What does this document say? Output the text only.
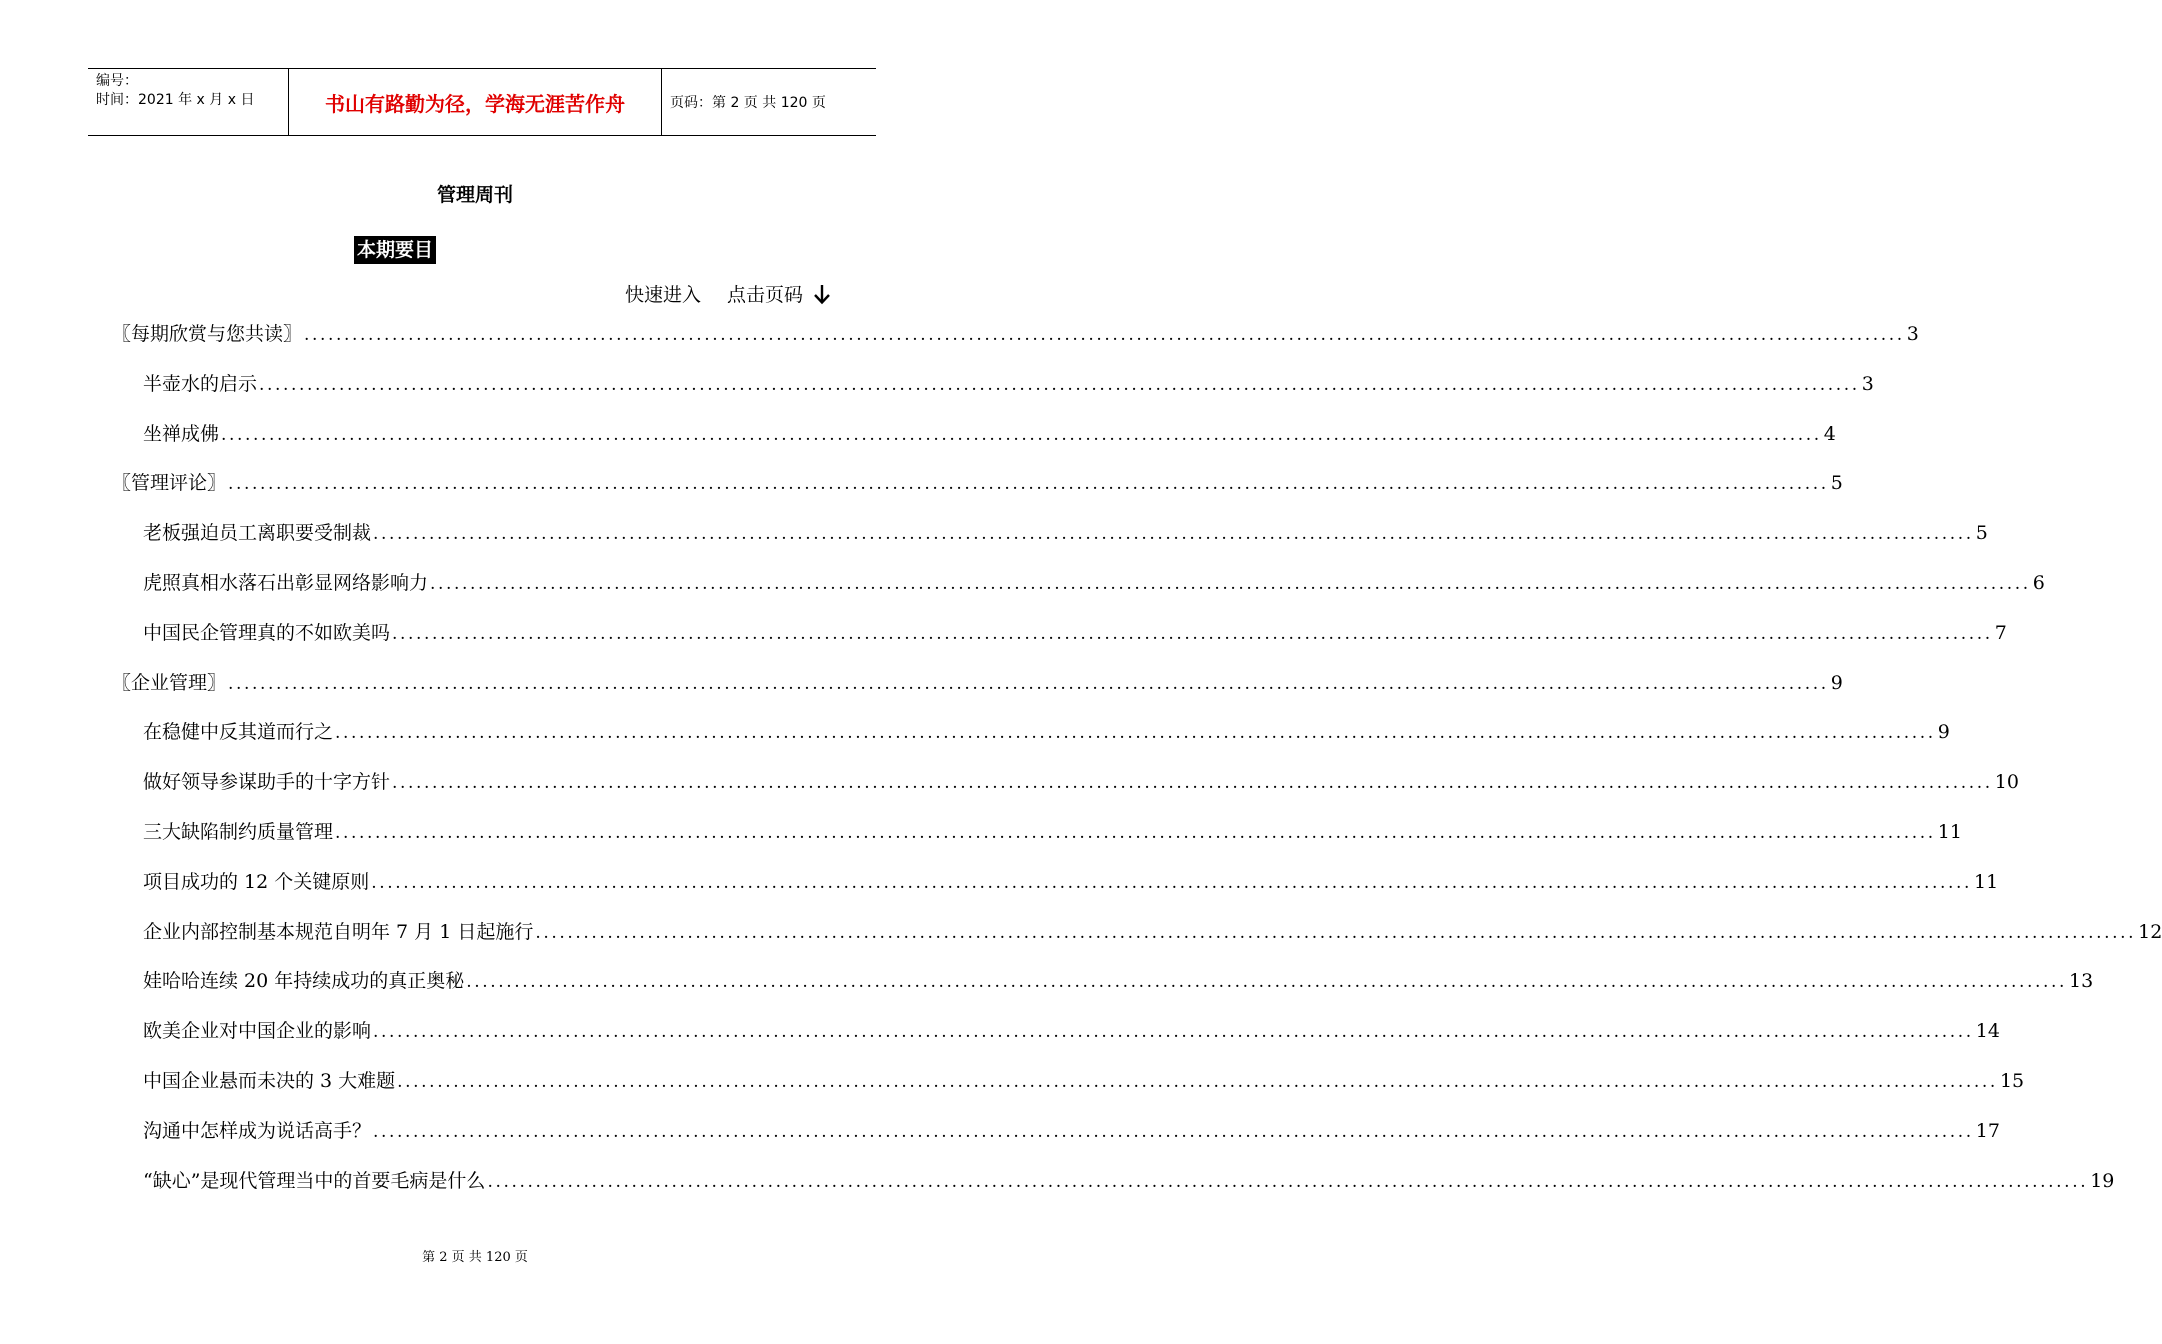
编号：
时间：2021 年 x 月 x 日	书山有路勤为径，学海无涯苦作舟	页码：第 2 页 共 120 页
管理周刊
本期要目
快速进入 点击页码
〖每期欣赏与您共读〗 ........................................................................................................................................................................................................ 3
半壶水的启示 ........................................................................................................................................................................................................ 3
坐禅成佛 ........................................................................................................................................................................................................ 4
〖管理评论〗 ........................................................................................................................................................................................................ 5
老板强迫员工离职要受制裁 ........................................................................................................................................................................................................ 5
虎照真相水落石出彰显网络影响力 ........................................................................................................................................................................................................ 6
中国民企管理真的不如欧美吗 ........................................................................................................................................................................................................ 7
〖企业管理〗 ........................................................................................................................................................................................................ 9
在稳健中反其道而行之 ........................................................................................................................................................................................................ 9
做好领导参谋助手的十字方针 ........................................................................................................................................................................................................ 10
三大缺陷制约质量管理 ........................................................................................................................................................................................................ 11
项目成功的 12 个关键原则 ........................................................................................................................................................................................................ 11
企业内部控制基本规范自明年 7 月 1 日起施行 ........................................................................................................................................................................................................ 12
娃哈哈连续 20 年持续成功的真正奥秘 ........................................................................................................................................................................................................ 13
欧美企业对中国企业的影响 ........................................................................................................................................................................................................ 14
中国企业悬而未决的 3 大难题 ........................................................................................................................................................................................................ 15
沟通中怎样成为说话高手？ ........................................................................................................................................................................................................ 17
“缺心”是现代管理当中的首要毛病是什么 ........................................................................................................................................................................................................ 19
第 2 页 共 120 页
